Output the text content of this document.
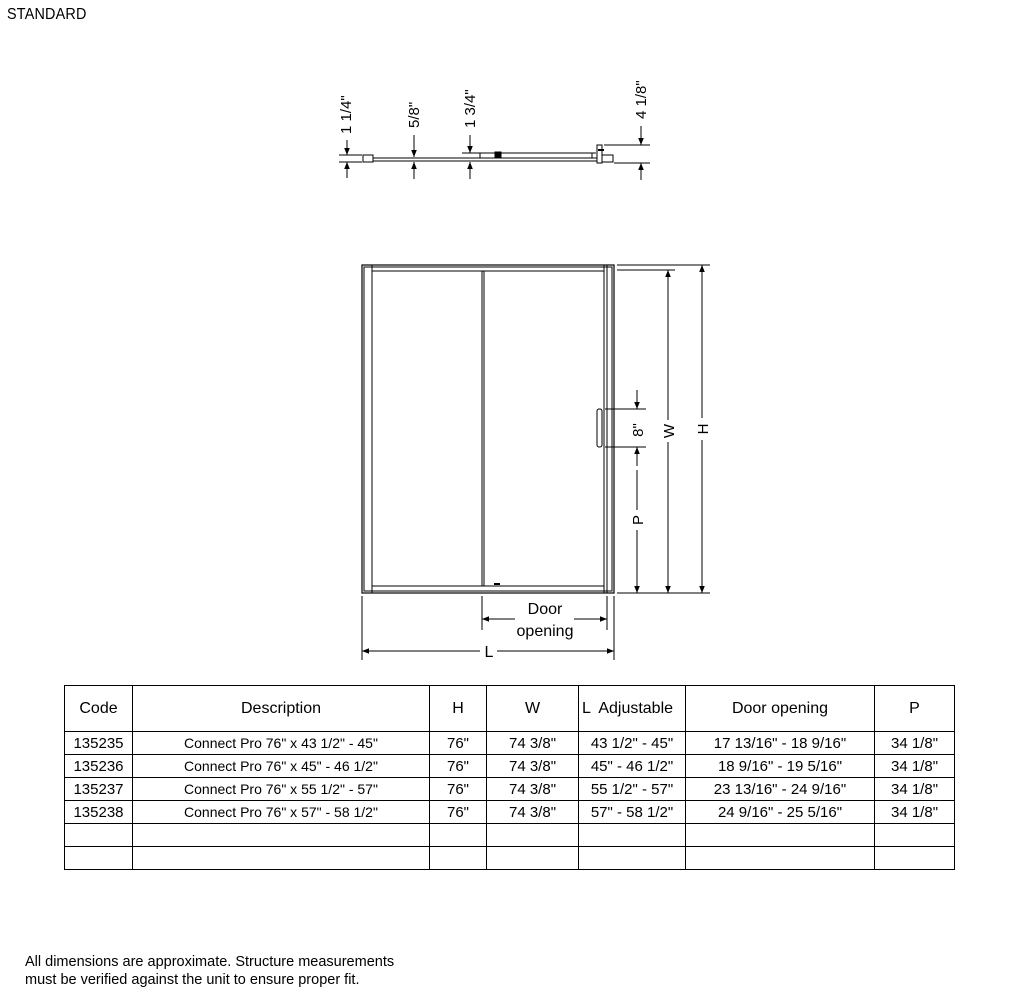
STANDARD
1 1/4"	5/8"	1 3/4"	4 1/8"
8"
P
W H
Door
opening
L
Code	Description	H	W	L  Adjustable	Door opening	P
135235	Connect Pro 76" x 43 1/2" - 45"	76"	74 3/8"	43 1/2" - 45"	17 13/16" - 18 9/16"	34 1/8"
135236	Connect Pro 76" x 45" - 46 1/2"	76"	74 3/8"	45" - 46 1/2"	18 9/16" - 19 5/16"	34 1/8"
135237	Connect Pro 76" x 55 1/2" - 57"	76"	74 3/8"	55 1/2" - 57"	23 13/16" - 24 9/16"	34 1/8"
135238	Connect Pro 76" x 57" - 58 1/2"	76"	74 3/8"	57" - 58 1/2"	24 9/16" - 25 5/16"	34 1/8"

All dimensions are approximate. Structure measurements
must be verified against the unit to ensure proper fit.
